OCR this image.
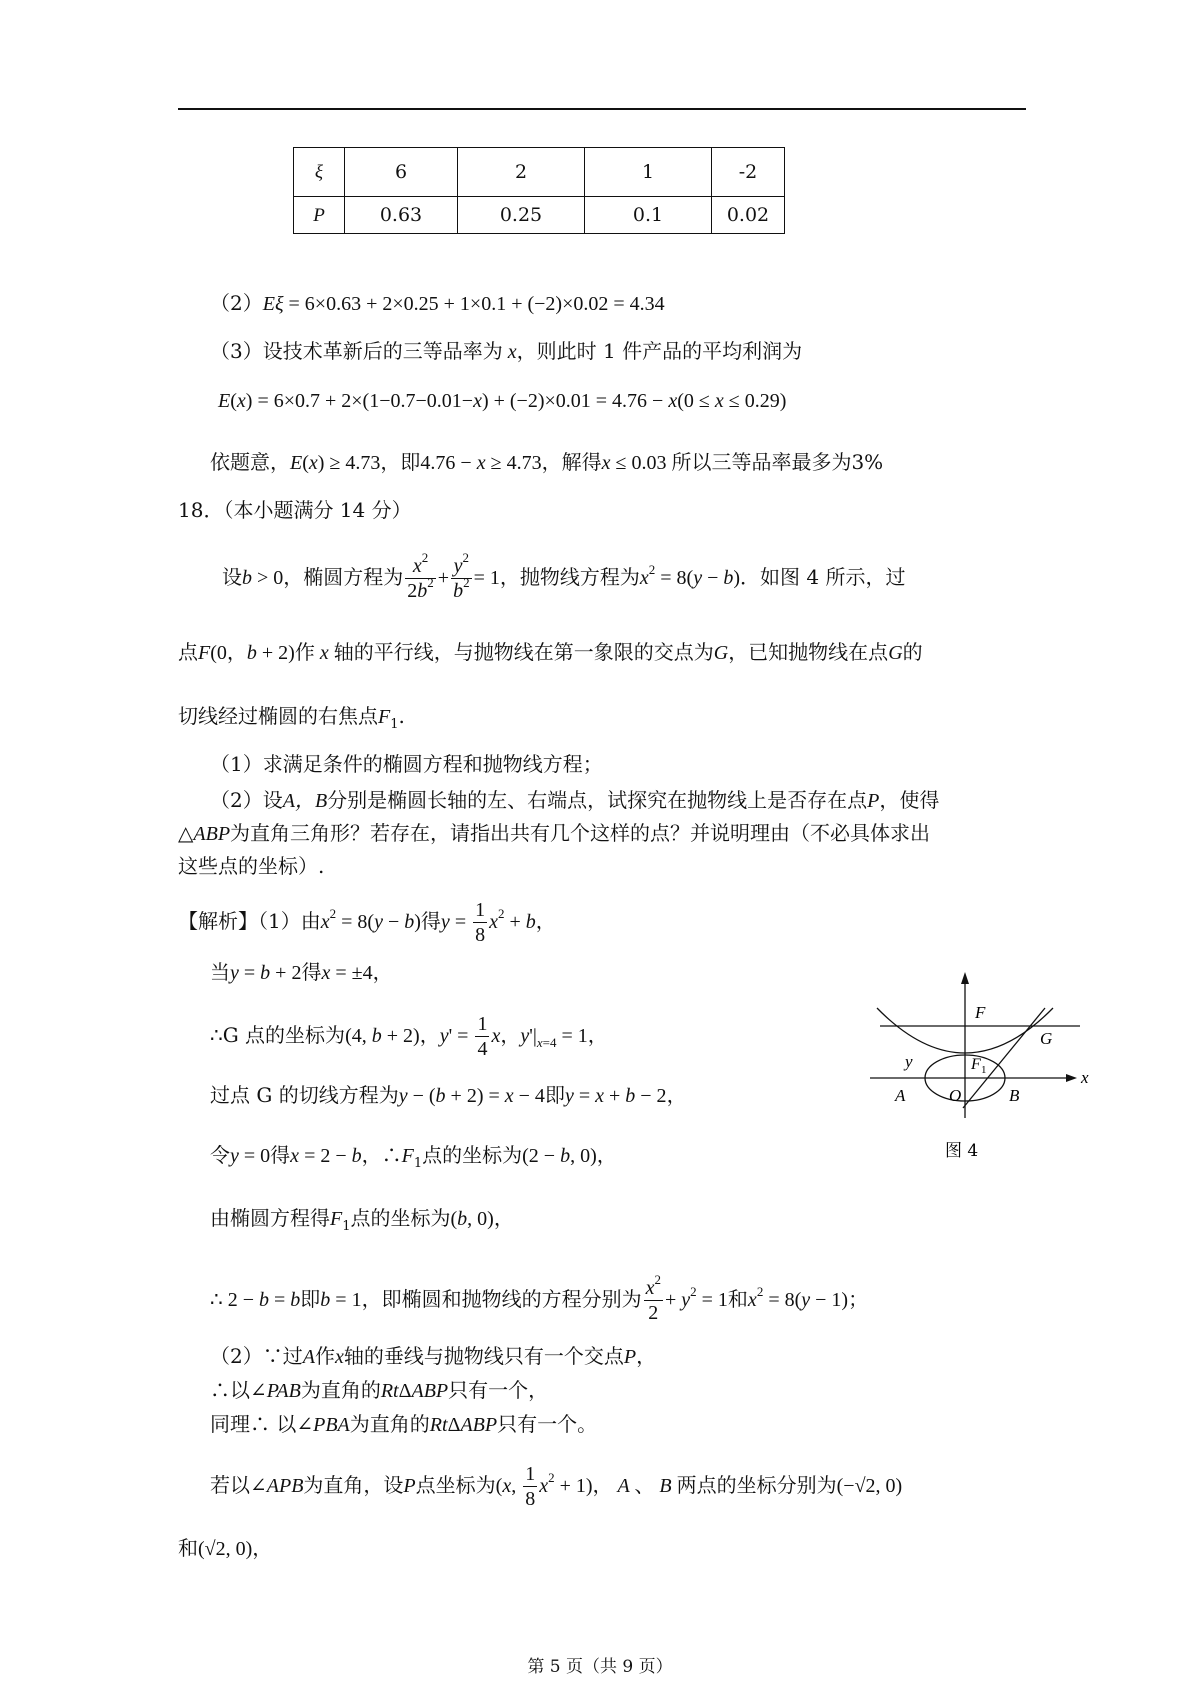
ξ	6	2	1	-2
P	0.63	0.25	0.1	0.02
（2）Eξ = 6×0.63 + 2×0.25 + 1×0.1 + (−2)×0.02 = 4.34
（3）设技术革新后的三等品率为 x，则此时 1 件产品的平均利润为
E(x) = 6×0.7 + 2×(1−0.7−0.01−x) + (−2)×0.01 = 4.76 − x(0 ≤ x ≤ 0.29)
依题意，E(x) ≥ 4.73，即4.76 − x ≥ 4.73，解得x ≤ 0.03 所以三等品率最多为3%
18．（本小题满分 14 分）
设b > 0，椭圆方程为 $\frac{x^2}{2b^2} + \frac{y^2}{b^2} = 1$，抛物线方程为$x^2 = 8(y - b)$．如图 4 所示，过
点F(0，b + 2)作 x 轴的平行线，与抛物线在第一象限的交点为G，已知抛物线在点G的
切线经过椭圆的右焦点$F_1$.
（1）求满足条件的椭圆方程和抛物线方程；
（2）设A，B分别是椭圆长轴的左、右端点，试探究在抛物线上是否存在点P，使得
△ABP为直角三角形？若存在，请指出共有几个这样的点？并说明理由（不必具体求出
这些点的坐标）.
【解析】（1）由$x^2 = 8(y - b)$得$y = \frac{1}{8} x^2 + b$，
当y = b + 2得x = ±4，
∴G 点的坐标为(4, b + 2)，$y' = \frac{1}{4}$ x，$y'|_{x=4} = 1$，
过点 G 的切线方程为y − (b + 2) = x − 4即y = x + b − 2，
令y = 0得x = 2 − b，$\therefore F_1$点的坐标为(2 − b, 0)，
由椭圆方程得$F_1$点的坐标为(b, 0)，
∴ 2 − b = b即b = 1，即椭圆和抛物线的方程分别为 $\frac{x^2}{2} + y^2 = 1$和$x^2 = 8(y - 1)$；
（2）∵过A作x轴的垂线与抛物线只有一个交点P，
∴以∠PAB为直角的RtΔABP只有一个，
同理∴ 以∠PBA为直角的RtΔABP只有一个。
若以∠APB为直角，设P点坐标为(x, $\frac{1}{8} x^2 + 1$)， A 、 B 两点的坐标分别为(−√2, 0)
和(√2, 0)，
y
F
G
F 1	x
A	O	B
图 4
第 5 页（共 9 页）
